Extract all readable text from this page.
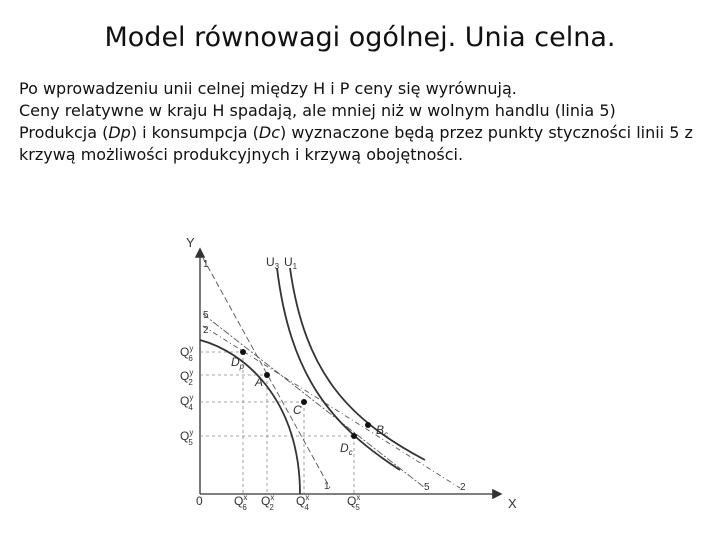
Model równowagi ogólnej. Unia celna.

Po wprowadzeniu unii celnej między H i P ceny się wyrównują.

Ceny relatywne w kraju H spadają, ale mniej niż w wolnym handlu (linia 5)

Produkcja (Dp) i konsumpcja (Dc) wyznaczone będą przez punkty styczności linii 5 z

krzywą możliwości produkcyjnych i krzywą obojętności.

Y
X
0
$U_3$ $U_1$
1
5
2
1	5	2
$Q^y$ 6
$Q^y$ 2
$Q^y$ 4
$Q^y$ 5
$Q^x$ 6 $Q^x$ 2 $Q^x$ 4	$Q^x$ 5
$D_p$
A
C
$B_c$
$D_c$
